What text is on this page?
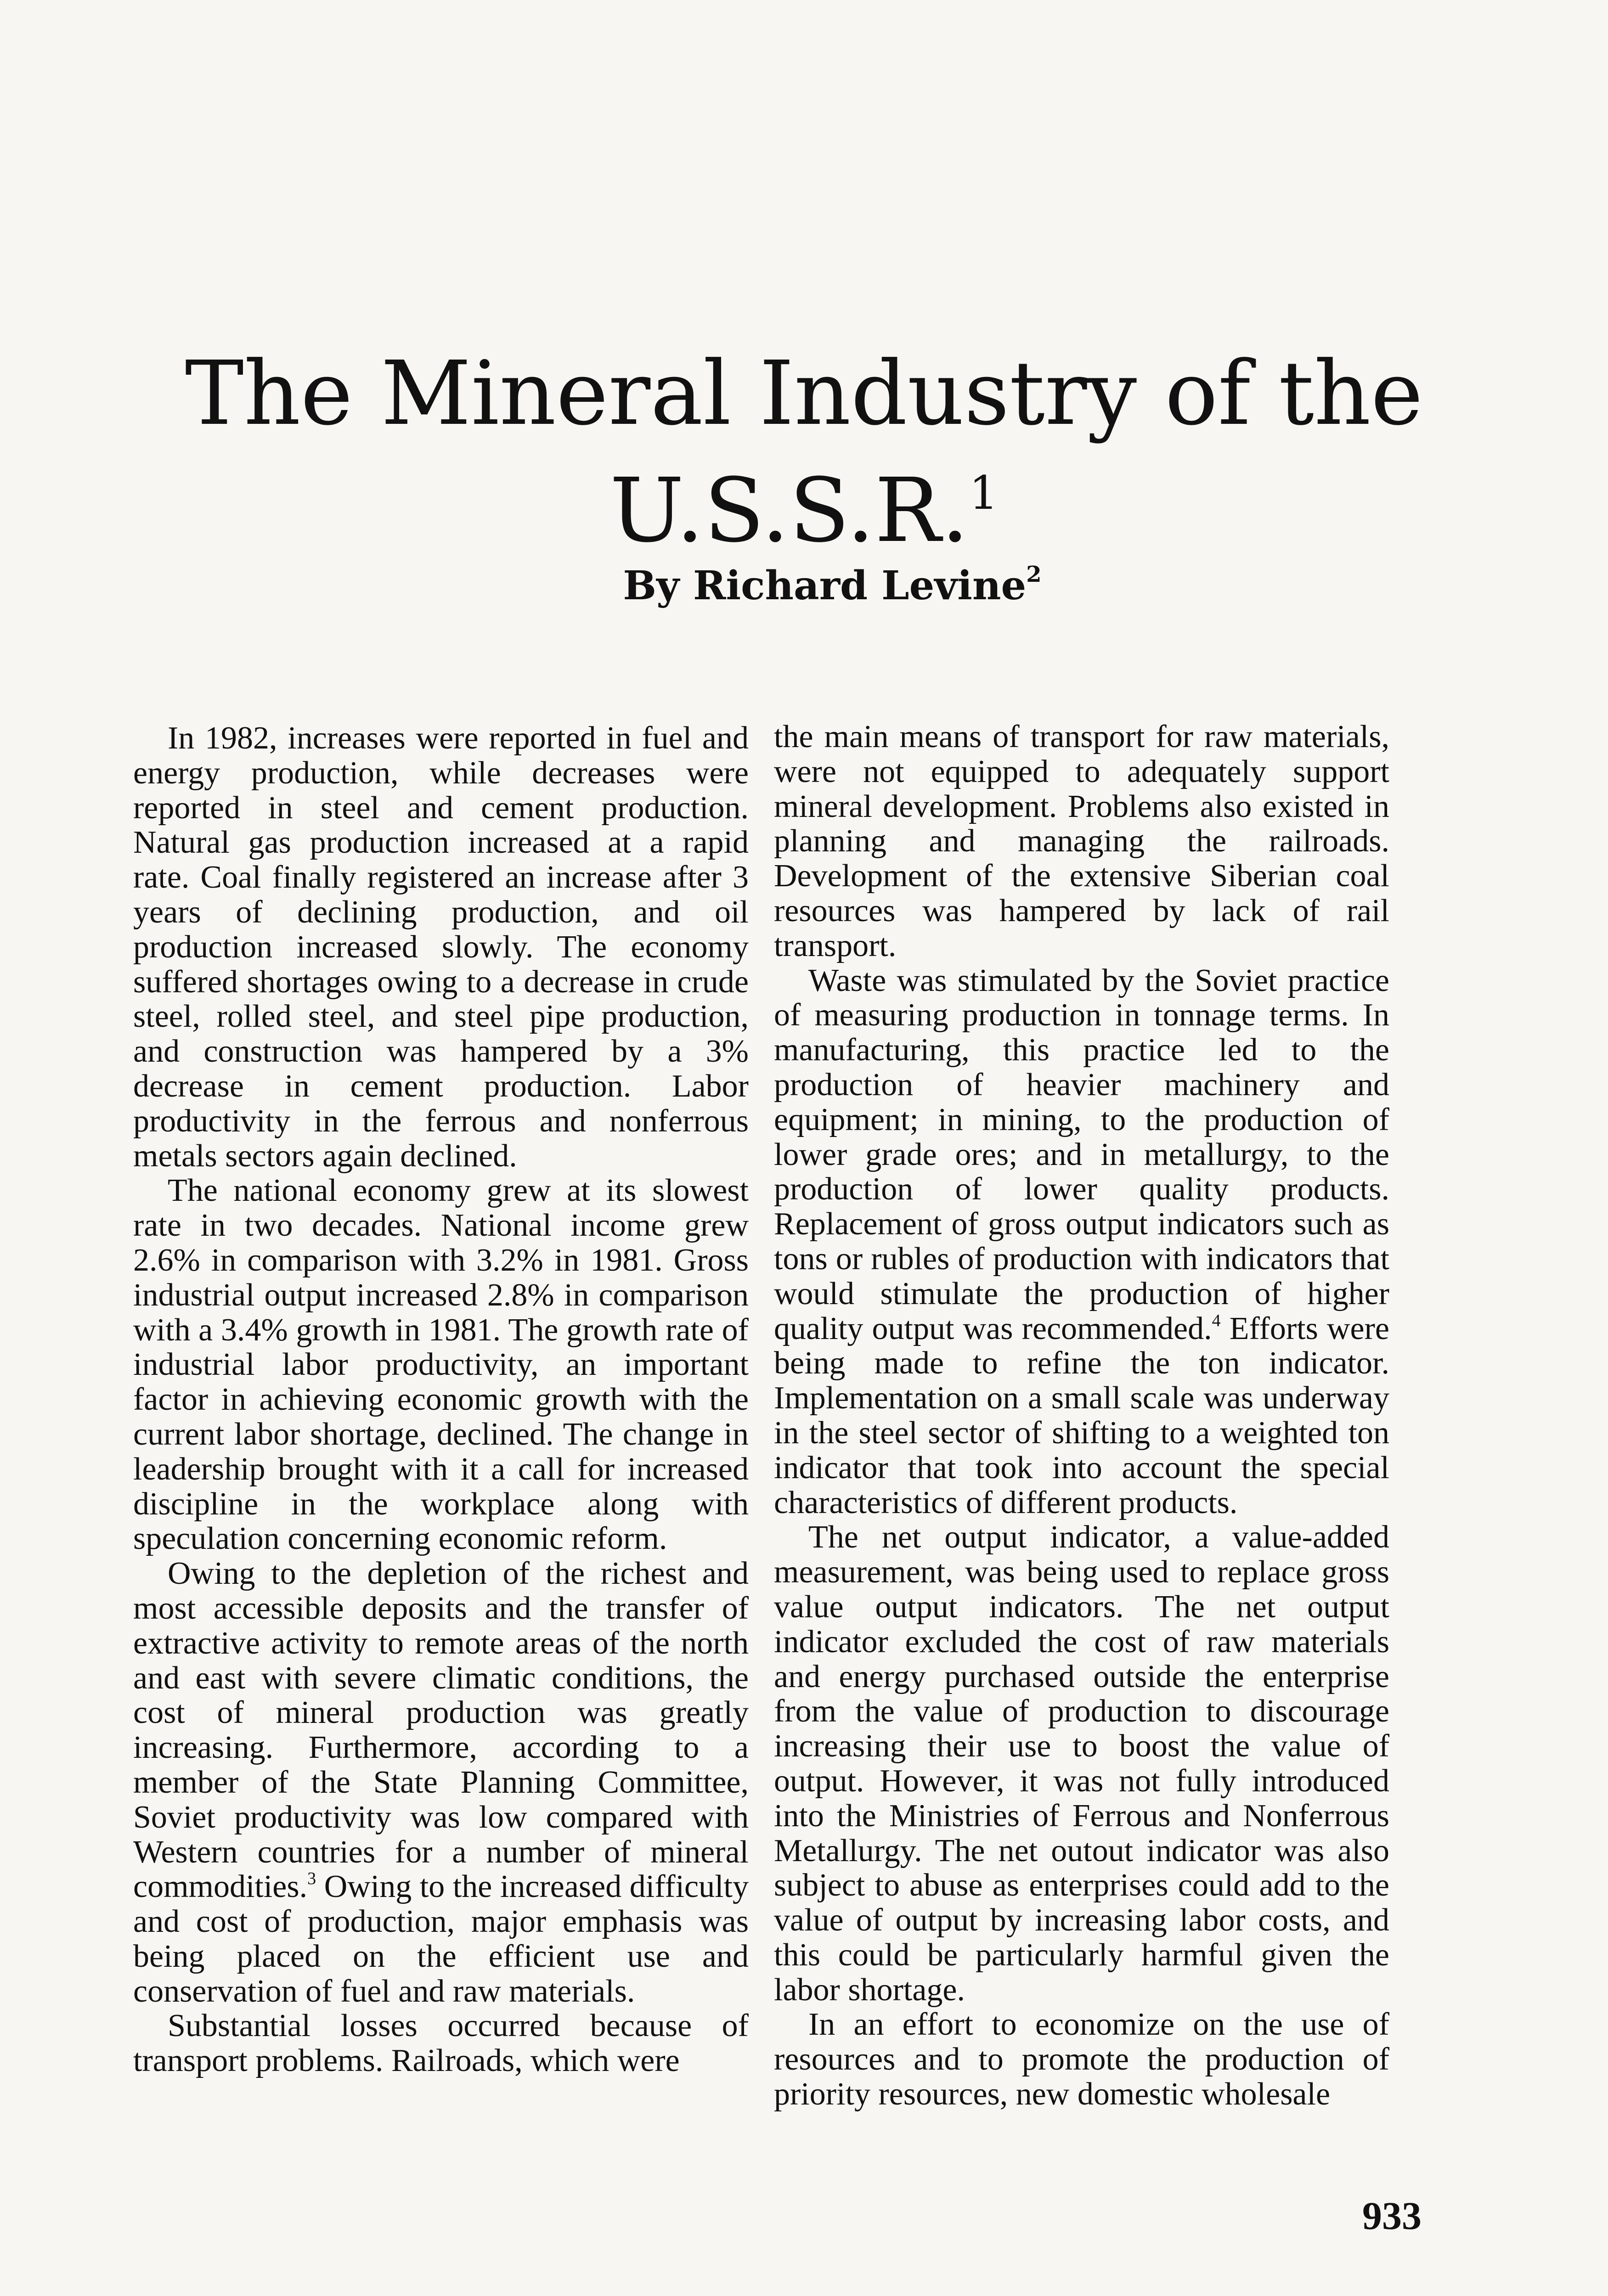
The Mineral Industry of the
U.S.S.R.$^1$

By Richard Levine$^2$

In 1982, increases were reported in fuel and energy production, while decreases were reported in steel and cement production. Natural gas production increased at a rapid rate. Coal finally registered an increase after 3 years of declining production, and oil production increased slowly. The economy suffered shortages owing to a decrease in crude steel, rolled steel, and steel pipe production, and construction was hampered by a 3% decrease in cement production. Labor productivity in the ferrous and nonferrous metals sectors again declined.

The national economy grew at its slowest rate in two decades. National income grew 2.6% in comparison with 3.2% in 1981. Gross industrial output increased 2.8% in comparison with a 3.4% growth in 1981. The growth rate of industrial labor productivity, an important factor in achieving economic growth with the current labor shortage, declined. The change in leadership brought with it a call for increased discipline in the workplace along with speculation concerning economic reform.

Owing to the depletion of the richest and most accessible deposits and the transfer of extractive activity to remote areas of the north and east with severe climatic conditions, the cost of mineral production was greatly increasing. Furthermore, according to a member of the State Planning Committee, Soviet productivity was low compared with Western countries for a number of mineral commodities.$^3$ Owing to the increased difficulty and cost of production, major emphasis was being placed on the efficient use and conservation of fuel and raw materials.

Substantial losses occurred because of transport problems. Railroads, which were

the main means of transport for raw materials, were not equipped to adequately support mineral development. Problems also existed in planning and managing the railroads. Development of the extensive Siberian coal resources was hampered by lack of rail transport.

Waste was stimulated by the Soviet practice of measuring production in tonnage terms. In manufacturing, this practice led to the production of heavier machinery and equipment; in mining, to the production of lower grade ores; and in metallurgy, to the production of lower quality products. Replacement of gross output indicators such as tons or rubles of production with indicators that would stimulate the production of higher quality output was recommended.$^4$ Efforts were being made to refine the ton indicator. Implementation on a small scale was underway in the steel sector of shifting to a weighted ton indicator that took into account the special characteristics of different products.

The net output indicator, a value-added measurement, was being used to replace gross value output indicators. The net output indicator excluded the cost of raw materials and energy purchased outside the enterprise from the value of production to discourage increasing their use to boost the value of output. However, it was not fully introduced into the Ministries of Ferrous and Nonferrous Metallurgy. The net outout indicator was also subject to abuse as enterprises could add to the value of output by increasing labor costs, and this could be particularly harmful given the labor shortage.

In an effort to economize on the use of resources and to promote the production of priority resources, new domestic wholesale

933
